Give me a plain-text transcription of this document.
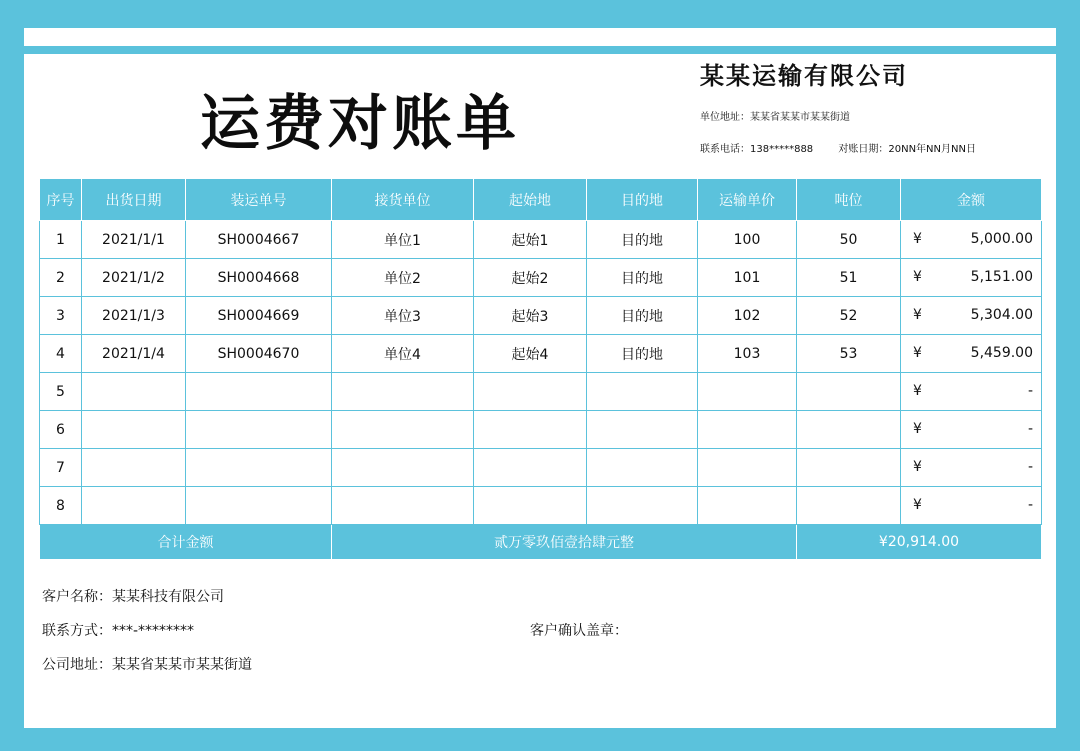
运费对账单
某某运输有限公司
单位地址：某某省某某市某某街道
联系电话：138*****888	对账日期：20NN年NN月NN日
序号	出货日期	装运单号	接货单位	起始地	目的地	运输单价	吨位	金额
1	2021/1/1	SH0004667	单位1	起始1	目的地	100	50	¥ 5,000.00

2	2021/1/2	SH0004668	单位2	起始2	目的地	101	51	¥ 5,151.00

3	2021/1/3	SH0004669	单位3	起始3	目的地	102	52	¥ 5,304.00

4	2021/1/4	SH0004670	单位4	起始4	目的地	103	53	¥ 5,459.00

5								¥ -

6								¥ -

7								¥ -

8								¥ -

合计金额			贰万零玖佰壹拾肆元整				¥20,914.00	
客户名称：某某科技有限公司
联系方式：***-********	客户确认盖章：
公司地址：某某省某某市某某街道
